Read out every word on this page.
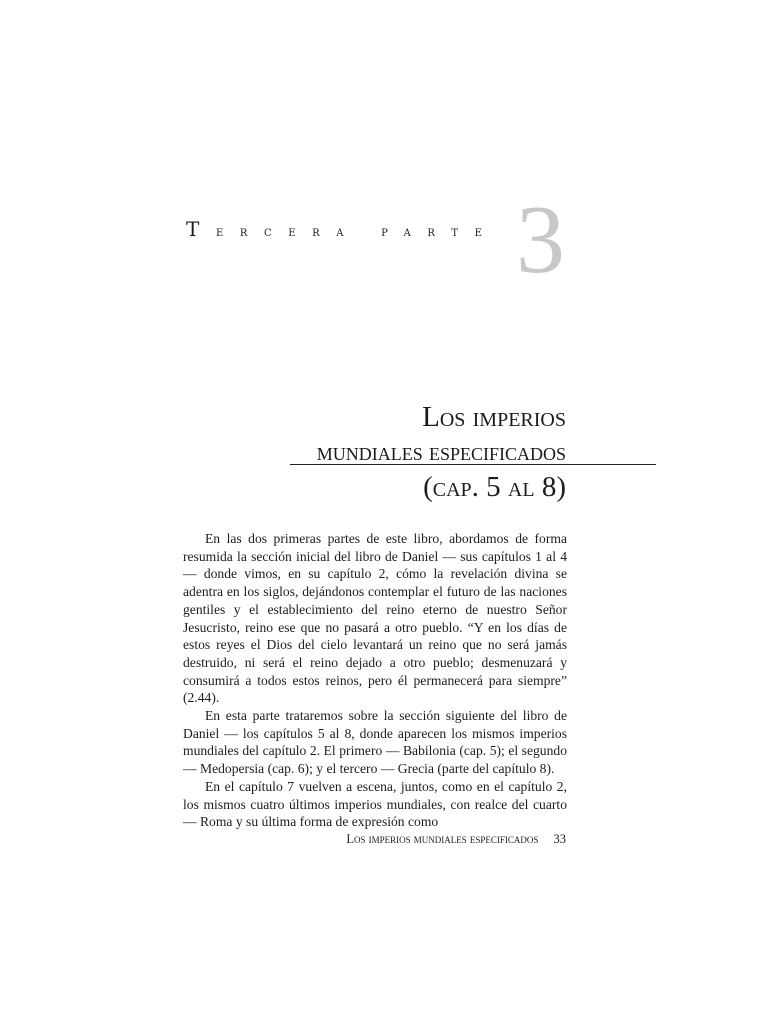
3
Tercera parte
Los imperios
mundiales especificados
(cap. 5 al 8)

En las dos primeras partes de este libro, abordamos de forma resumida la sección inicial del libro de Daniel — sus capítulos 1 al 4 — donde vimos, en su capítulo 2, cómo la revelación divina se adentra en los siglos, dejándonos contemplar el futuro de las naciones gentiles y el establecimiento del reino eterno de nuestro Señor Jesucristo, reino ese que no pasará a otro pueblo. “Y en los días de estos reyes el Dios del cielo levantará un reino que no será jamás destruido, ni será el reino dejado a otro pueblo; desmenuzará y consumirá a todos estos reinos, pero él permanecerá para siempre” (2.44).

En esta parte trataremos sobre la sección siguiente del libro de Daniel — los capítulos 5 al 8, donde aparecen los mismos imperios mundiales del capítulo 2. El primero — Babilonia (cap. 5); el segundo — Medopersia (cap. 6); y el tercero — Grecia (parte del capítulo 8).

En el capítulo 7 vuelven a escena, juntos, como en el capítulo 2, los mismos cuatro últimos imperios mundiales, con realce del cuarto — Roma y su última forma de expresión como

Los imperios mundiales especificados 33
